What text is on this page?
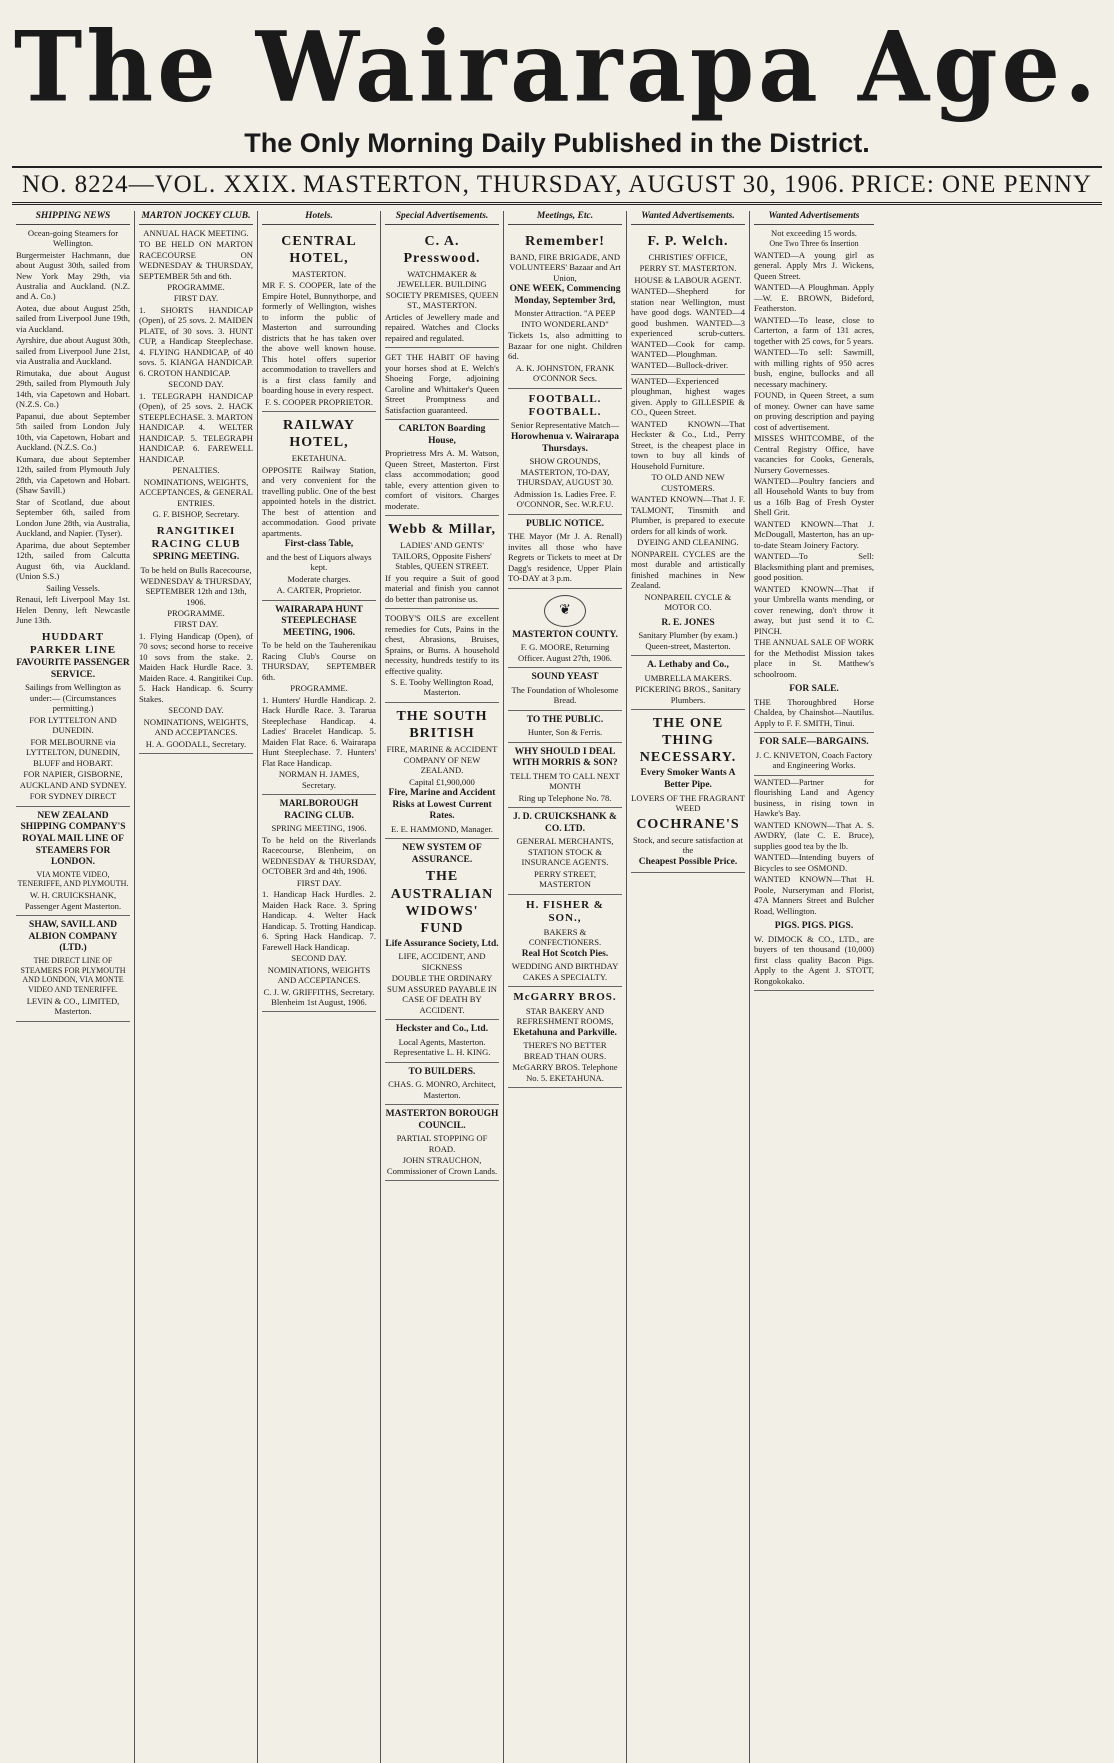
The Wairarapa Age.
The Only Morning Daily Published in the District.
NO. 8224—VOL. XXIX. MASTERTON, THURSDAY, AUGUST 30, 1906. PRICE: ONE PENNY
SHIPPING NEWS

Ocean-going Steamers for Wellington.

Burgermeister Hachmann, due about August 30th, sailed from New York May 29th, via Australia and Auckland. (N.Z. and A. Co.)

Aotea, due about August 25th, sailed from Liverpool June 19th, via Auckland.

Ayrshire, due about August 30th, sailed from Liverpool June 21st, via Australia and Auckland.

Rimutaka, due about August 29th, sailed from Plymouth July 14th, via Capetown and Hobart. (N.Z.S. Co.)

Papanui, due about September 5th sailed from London July 10th, via Capetown, Hobart and Auckland. (N.Z.S. Co.)

Kumara, due about September 12th, sailed from Plymouth July 28th, via Capetown and Hobart. (Shaw Savill.)

Star of Scotland, due about September 6th, sailed from London June 28th, via Australia, Auckland, and Napier. (Tyser).

Aparima, due about September 12th, sailed from Calcutta August 6th, via Auckland. (Union S.S.)

Sailing Vessels.

Renaui, left Liverpool May 1st. Helen Denny, left Newcastle June 13th.

HUDDART PARKER LINE
FAVOURITE PASSENGER SERVICE.

Sailings from Wellington as under:— (Circumstances permitting.)

FOR LYTTELTON AND DUNEDIN.

FOR MELBOURNE via LYTTELTON, DUNEDIN, BLUFF and HOBART.

FOR NAPIER, GISBORNE, AUCKLAND AND SYDNEY.

FOR SYDNEY DIRECT

NEW ZEALAND SHIPPING COMPANY'S ROYAL MAIL LINE OF STEAMERS FOR LONDON.

VIA MONTE VIDEO, TENERIFFE, AND PLYMOUTH.

W. H. CRUICKSHANK, Passenger Agent Masterton.

SHAW, SAVILL AND ALBION COMPANY (LTD.)

THE DIRECT LINE OF STEAMERS FOR PLYMOUTH AND LONDON, VIA MONTE VIDEO AND TENERIFFE.

LEVIN & CO., LIMITED, Masterton.

MARTON JOCKEY CLUB.

ANNUAL HACK MEETING.

TO BE HELD ON MARTON RACECOURSE ON WEDNESDAY & THURSDAY, SEPTEMBER 5th and 6th.

PROGRAMME.

FIRST DAY.

1. SHORTS HANDICAP (Open), of 25 sovs. 2. MAIDEN PLATE, of 30 sovs. 3. HUNT CUP, a Handicap Steeplechase. 4. FLYING HANDICAP, of 40 sovs. 5. KIANGA HANDICAP. 6. CROTON HANDICAP.

SECOND DAY.

1. TELEGRAPH HANDICAP (Open), of 25 sovs. 2. HACK STEEPLECHASE. 3. MARTON HANDICAP. 4. WELTER HANDICAP. 5. TELEGRAPH HANDICAP. 6. FAREWELL HANDICAP.

PENALTIES.

NOMINATIONS, WEIGHTS, ACCEPTANCES, & GENERAL ENTRIES.

G. F. BISHOP, Secretary.

RANGITIKEI RACING CLUB
SPRING MEETING.

To be held on Bulls Racecourse, WEDNESDAY & THURSDAY, SEPTEMBER 12th and 13th, 1906.

PROGRAMME.

FIRST DAY.

1. Flying Handicap (Open), of 70 sovs; second horse to receive 10 sovs from the stake. 2. Maiden Hack Hurdle Race. 3. Maiden Race. 4. Rangitikei Cup. 5. Hack Handicap. 6. Scurry Stakes.

SECOND DAY.

NOMINATIONS, WEIGHTS, AND ACCEPTANCES.

H. A. GOODALL, Secretary.

Hotels.
CENTRAL HOTEL,

MASTERTON.

MR F. S. COOPER, late of the Empire Hotel, Bunnythorpe, and formerly of Wellington, wishes to inform the public of Masterton and surrounding districts that he has taken over the above well known house. This hotel offers superior accommodation to travellers and is a first class family and boarding house in every respect.

F. S. COOPER PROPRIETOR.

RAILWAY HOTEL,

EKETAHUNA.

OPPOSITE Railway Station, and very convenient for the travelling public. One of the best appointed hotels in the district. The best of attention and accommodation. Good private apartments.

First-class Table,

and the best of Liquors always kept.

Moderate charges.

A. CARTER, Proprietor.

WAIRARAPA HUNT STEEPLECHASE MEETING, 1906.

To be held on the Tauherenikau Racing Club's Course on THURSDAY, SEPTEMBER 6th.

PROGRAMME.

1. Hunters' Hurdle Handicap. 2. Hack Hurdle Race. 3. Tararua Steeplechase Handicap. 4. Ladies' Bracelet Handicap. 5. Maiden Flat Race. 6. Wairarapa Hunt Steeplechase. 7. Hunters' Flat Race Handicap.

NORMAN H. JAMES, Secretary.

MARLBOROUGH RACING CLUB.

SPRING MEETING, 1906.

To be held on the Riverlands Racecourse, Blenheim, on WEDNESDAY & THURSDAY, OCTOBER 3rd and 4th, 1906.

FIRST DAY.

1. Handicap Hack Hurdles. 2. Maiden Hack Race. 3. Spring Handicap. 4. Welter Hack Handicap. 5. Trotting Handicap. 6. Spring Hack Handicap. 7. Farewell Hack Handicap.

SECOND DAY.

NOMINATIONS, WEIGHTS AND ACCEPTANCES.

C. J. W. GRIFFITHS, Secretary. Blenheim 1st August, 1906.

Special Advertisements.
C. A. Presswood.

WATCHMAKER & JEWELLER. BUILDING SOCIETY PREMISES, QUEEN ST., MASTERTON.

Articles of Jewellery made and repaired. Watches and Clocks repaired and regulated.

GET THE HABIT OF having your horses shod at E. Welch's Shoeing Forge, adjoining Caroline and Whittaker's Queen Street Promptness and Satisfaction guaranteed.

CARLTON Boarding House,

Proprietress Mrs A. M. Watson, Queen Street, Masterton. First class accommodation; good table, every attention given to comfort of visitors. Charges moderate.

Webb & Millar,

LADIES' AND GENTS' TAILORS, Opposite Fishers' Stables, QUEEN STREET.

If you require a Suit of good material and finish you cannot do better than patronise us.

TOOBY'S OILS are excellent remedies for Cuts, Pains in the chest, Abrasions, Bruises, Sprains, or Burns. A household necessity, hundreds testify to its effective quality.

S. E. Tooby Wellington Road, Masterton.

THE SOUTH BRITISH

FIRE, MARINE & ACCIDENT COMPANY OF NEW ZEALAND.

Capital £1,900,000

Fire, Marine and Accident Risks at Lowest Current Rates.

E. E. HAMMOND, Manager.

NEW SYSTEM OF ASSURANCE.
THE AUSTRALIAN WIDOWS' FUND
Life Assurance Society, Ltd.

LIFE, ACCIDENT, AND SICKNESS

DOUBLE THE ORDINARY SUM ASSURED PAYABLE IN CASE OF DEATH BY ACCIDENT.

Heckster and Co., Ltd.

Local Agents, Masterton. Representative L. H. KING.

TO BUILDERS.

CHAS. G. MONRO, Architect, Masterton.

MASTERTON BOROUGH COUNCIL.

PARTIAL STOPPING OF ROAD.

JOHN STRAUCHON, Commissioner of Crown Lands.

Meetings, Etc.
Remember!

BAND, FIRE BRIGADE, AND VOLUNTEERS' Bazaar and Art Union,

ONE WEEK, Commencing Monday, September 3rd,

Monster Attraction. "A PEEP INTO WONDERLAND"

Tickets 1s, also admitting to Bazaar for one night. Children 6d.

A. K. JOHNSTON, FRANK O'CONNOR Secs.

FOOTBALL. FOOTBALL.

Senior Representative Match—

Horowhenua v. Wairarapa Thursdays.

SHOW GROUNDS, MASTERTON, TO-DAY, THURSDAY, AUGUST 30.

Admission 1s. Ladies Free. F. O'CONNOR, Sec. W.R.F.U.

PUBLIC NOTICE.

THE Mayor (Mr J. A. Renall) invites all those who have Regrets or Tickets to meet at Dr Dagg's residence, Upper Plain TO-DAY at 3 p.m.

❦
MASTERTON COUNTY.

F. G. MOORE, Returning Officer. August 27th, 1906.

SOUND YEAST

The Foundation of Wholesome Bread.

TO THE PUBLIC.

Hunter, Son & Ferris.

WHY SHOULD I DEAL WITH MORRIS & SON?

TELL THEM TO CALL NEXT MONTH

Ring up Telephone No. 78.

J. D. CRUICKSHANK & CO. LTD.

GENERAL MERCHANTS, STATION STOCK & INSURANCE AGENTS.

PERRY STREET, MASTERTON

H. FISHER & SON.,

BAKERS & CONFECTIONERS.

Real Hot Scotch Pies.

WEDDING AND BIRTHDAY CAKES A SPECIALTY.

McGARRY BROS.

STAR BAKERY AND REFRESHMENT ROOMS,

Eketahuna and Parkville.

THERE'S NO BETTER BREAD THAN OURS.

McGARRY BROS. Telephone No. 5. EKETAHUNA.

Wanted Advertisements.
F. P. Welch.

CHRISTIES' OFFICE,

PERRY ST. MASTERTON.

HOUSE & LABOUR AGENT.

WANTED—Shepherd for station near Wellington, must have good dogs. WANTED—4 good bushmen. WANTED—3 experienced scrub-cutters. WANTED—Cook for camp. WANTED—Ploughman. WANTED—Bullock-driver.

WANTED—Experienced ploughman, highest wages given. Apply to GILLESPIE & CO., Queen Street.

WANTED KNOWN—That Heckster & Co., Ltd., Perry Street, is the cheapest place in town to buy all kinds of Household Furniture.

TO OLD AND NEW CUSTOMERS.

WANTED KNOWN—That J. F. TALMONT, Tinsmith and Plumber, is prepared to execute orders for all kinds of work.

DYEING AND CLEANING.

NONPAREIL CYCLES are the most durable and artistically finished machines in New Zealand.

NONPAREIL CYCLE & MOTOR CO.

R. E. JONES

Sanitary Plumber (by exam.) Queen-street, Masterton.

A. Lethaby and Co.,

UMBRELLA MAKERS.

PICKERING BROS., Sanitary Plumbers.

THE ONE THING NECESSARY.
Every Smoker Wants A Better Pipe.

LOVERS OF THE FRAGRANT WEED

COCHRANE'S

Stock, and secure satisfaction at the

Cheapest Possible Price.
Wanted Advertisements

Not exceeding 15 words.

One Two Three 6s Insertion

WANTED—A young girl as general. Apply Mrs J. Wickens, Queen Street.

WANTED—A Ploughman. Apply—W. E. BROWN, Bideford, Featherston.

WANTED—To lease, close to Carterton, a farm of 131 acres, together with 25 cows, for 5 years.

WANTED—To sell: Sawmill, with milling rights of 950 acres bush, engine, bullocks and all necessary machinery.

FOUND, in Queen Street, a sum of money. Owner can have same on proving description and paying cost of advertisement.

MISSES WHITCOMBE, of the Central Registry Office, have vacancies for Cooks, Generals, Nursery Governesses.

WANTED—Poultry fanciers and all Household Wants to buy from us a 16lb Bag of Fresh Oyster Shell Grit.

WANTED KNOWN—That J. McDougall, Masterton, has an up-to-date Steam Joinery Factory.

WANTED—To Sell: Blacksmithing plant and premises, good position.

WANTED KNOWN—That if your Umbrella wants mending, or cover renewing, don't throw it away, but just send it to C. PINCH.

THE ANNUAL SALE OF WORK for the Methodist Mission takes place in St. Matthew's schoolroom.

FOR SALE.

THE Thoroughbred Horse Chaldea, by Chainshot—Nautilus. Apply to F. F. SMITH, Tinui.

FOR SALE—BARGAINS.

J. C. KNIVETON, Coach Factory and Engineering Works.

WANTED—Partner for flourishing Land and Agency business, in rising town in Hawke's Bay.

WANTED KNOWN—That A. S. AWDRY, (late C. E. Bruce), supplies good tea by the lb.

WANTED—Intending buyers of Bicycles to see OSMOND.

WANTED KNOWN—That H. Poole, Nurseryman and Florist, 47A Manners Street and Bulcher Road, Wellington.

PIGS. PIGS. PIGS.

W. DIMOCK & CO., LTD., are buyers of ten thousand (10,000) first class quality Bacon Pigs. Apply to the Agent J. STOTT, Rongokokako.
